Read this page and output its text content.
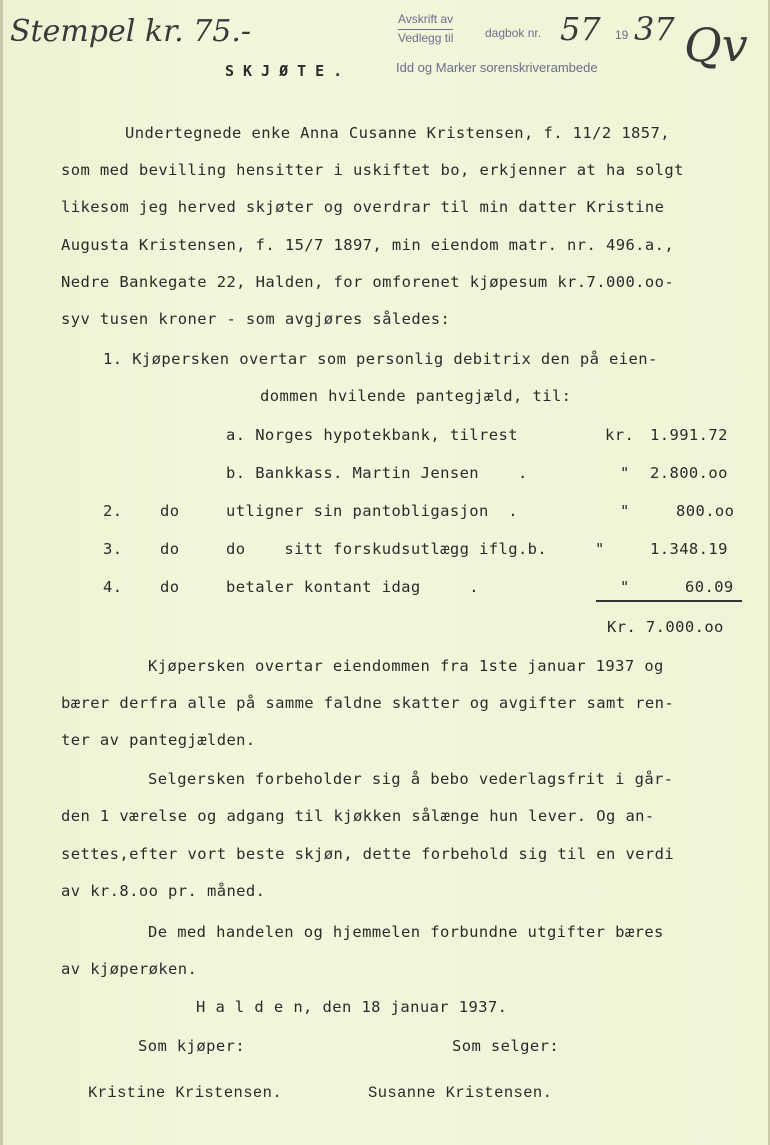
Stempel kr. 75.-	Avskrift av
Vedlegg til	dagbok nr. 57 19 37
Idd og Marker sorenskriverambede Qv
SKJØTE.
Undertegnede enke Anna Cusanne Kristensen, f. 11/2 1857,
som med bevilling hensitter i uskiftet bo, erkjenner at ha solgt
likesom jeg herved skjøter og overdrar til min datter Kristine
Augusta Kristensen, f. 15/7 1897, min eiendom matr. nr. 496.a.,
Nedre Bankegate 22, Halden, for omforenet kjøpesum kr.7.000.oo-
syv tusen kroner - som avgjøres således:
1. Kjøpersken overtar som personlig debitrix den på eien-
dommen hvilende pantegjæld, til:
a. Norges hypotekbank, tilrest	kr. 1.991.72
b. Bankkass. Martin Jensen    .	" 2.800.oo
2. do	utligner sin pantobligasjon  .	"	800.oo
3. do	do    sitt forskudsutlægg iflg.b.	"	1.348.19
4. do	betaler kontant idag     .	"	60.09
Kr. 7.000.oo
Kjøpersken overtar eiendommen fra 1ste januar 1937 og
bærer derfra alle på samme faldne skatter og avgifter samt ren-
ter av pantegjælden.
Selgersken forbeholder sig å bebo vederlagsfrit i går-
den 1 værelse og adgang til kjøkken sålænge hun lever. Og an-
settes,efter vort beste skjøn, dette forbehold sig til en verdi
av kr.8.oo pr. måned.
De med handelen og hjemmelen forbundne utgifter bæres
av kjøperøken.
H a l d e n, den 18 januar 1937.
Som kjøper:	Som selger:
Kristine Kristensen.	Susanne Kristensen.
